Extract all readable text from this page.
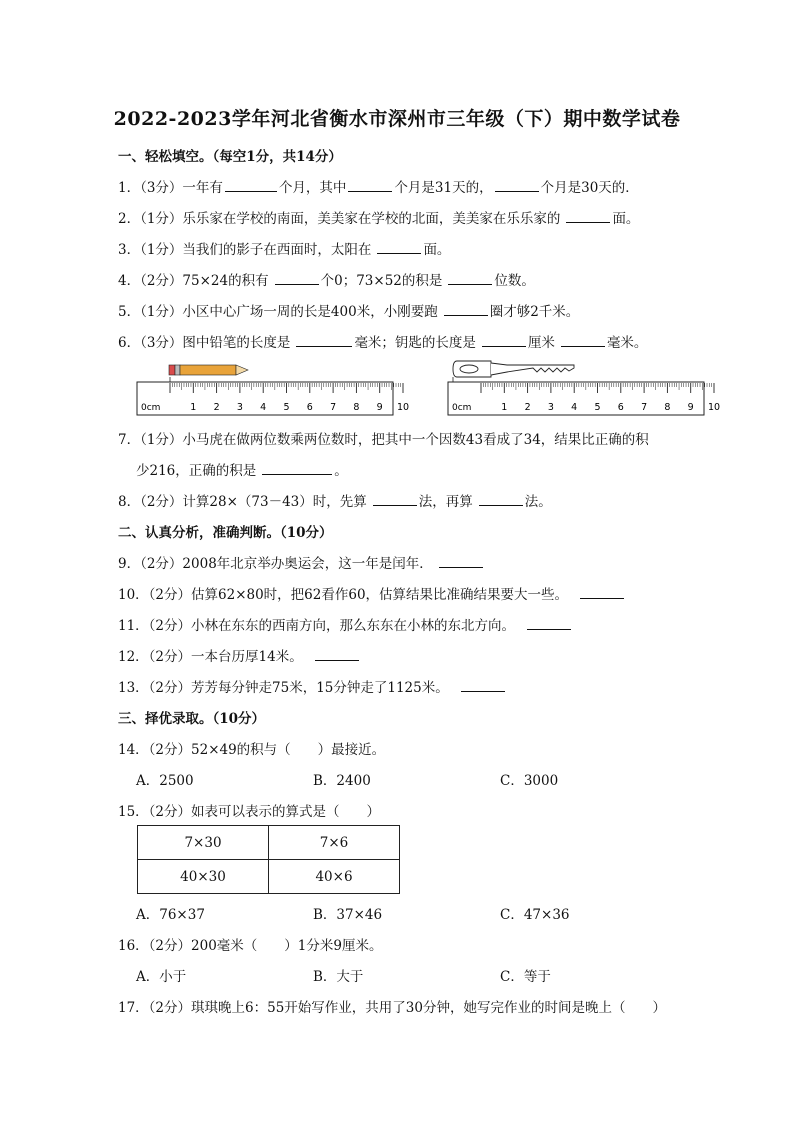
2022-2023学年河北省衡水市深州市三年级（下）期中数学试卷
一、轻松填空。（每空1分，共14分）
1．（3分）一年有	个月，其中	个月是31天的，	个月是30天的．
2．（1分）乐乐家在学校的南面，美美家在学校的北面，美美家在乐乐家的	面。
3．（1分）当我们的影子在西面时，太阳在	面。
4．（2分）75×24的积有	个0；73×52的积是	位数。
5．（1分）小区中心广场一周的长是400米，小刚要跑	圈才够2千米。
6．（3分）图中铅笔的长度是	毫米；钥匙的长度是	厘米	毫米。
0cm	1 2 3 4 5 6 7 8 9 10	0cm	1 2 3 4 5 6 7 8 9 10
7．（1分）小马虎在做两位数乘两位数时，把其中一个因数43看成了34，结果比正确的积
少216，正确的积是	。
8．（2分）计算28×（73－43）时，先算	法，再算	法。
二、认真分析，准确判断。（10分）
9．（2分）2008年北京举办奥运会，这一年是闰年．
10．（2分）估算62×80时，把62看作60，估算结果比准确结果要大一些。
11．（2分）小林在东东的西南方向，那么东东在小林的东北方向。
12．（2分）一本台历厚14米。
13．（2分）芳芳每分钟走75米，15分钟走了1125米。
三、择优录取。（10分）
14．（2分）52×49的积与（　　）最接近。
A．2500	B．2400	C．3000
15．（2分）如表可以表示的算式是（　　）
7×30	7×6
40×30	40×6
A．76×37	B．37×46	C．47×36
16．（2分）200毫米（　　）1分米9厘米。
A．小于	B．大于	C．等于
17．（2分）琪琪晚上6：55开始写作业，共用了30分钟，她写完作业的时间是晚上（　　）
